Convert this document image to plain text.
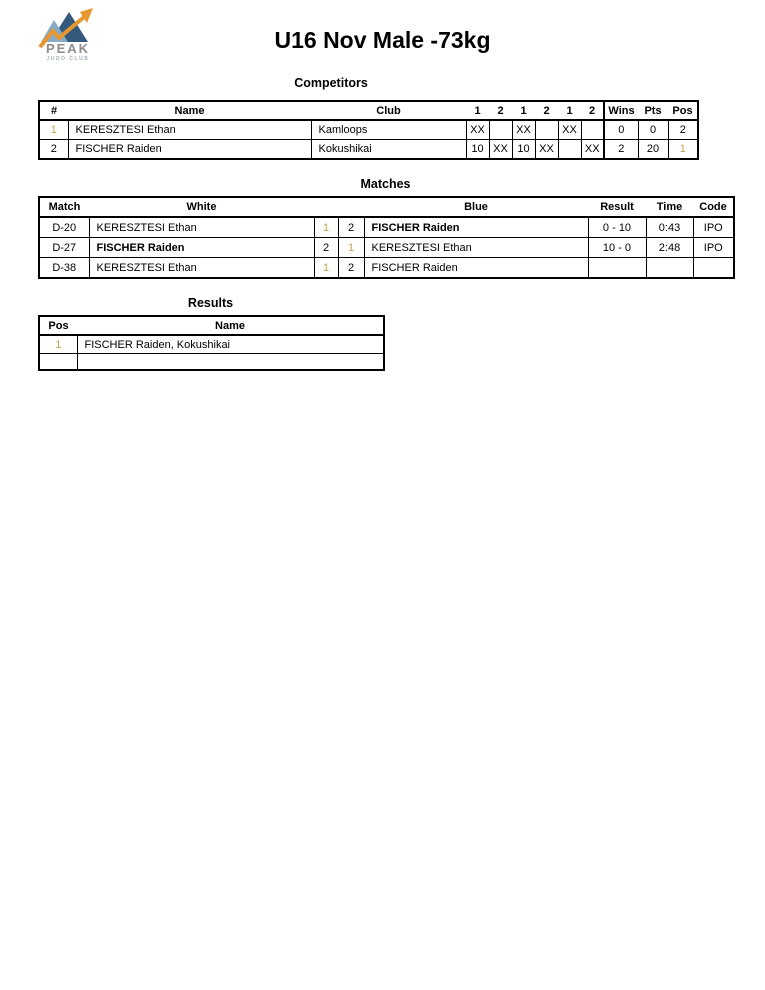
PEAK
JUDO CLUB
U16 Nov Male -73kg
Competitors
#	Name	Club	1	2	1	2	1	2	Wins	Pts	Pos
1	KERESZTESI Ethan	Kamloops	XX		XX		XX		0	0	2
2	FISCHER Raiden	Kokushikai	10	XX	10	XX		XX	2	20	1
Matches
Match	White			Blue	Result	Time	Code
D-20	KERESZTESI Ethan	1	2	FISCHER Raiden	0 - 10	0:43	IPO
D-27	FISCHER Raiden	2	1	KERESZTESI Ethan	10 - 0	2:48	IPO
D-38	KERESZTESI Ethan	1	2	FISCHER Raiden			
Results
Pos	Name
1	FISCHER Raiden, Kokushikai
